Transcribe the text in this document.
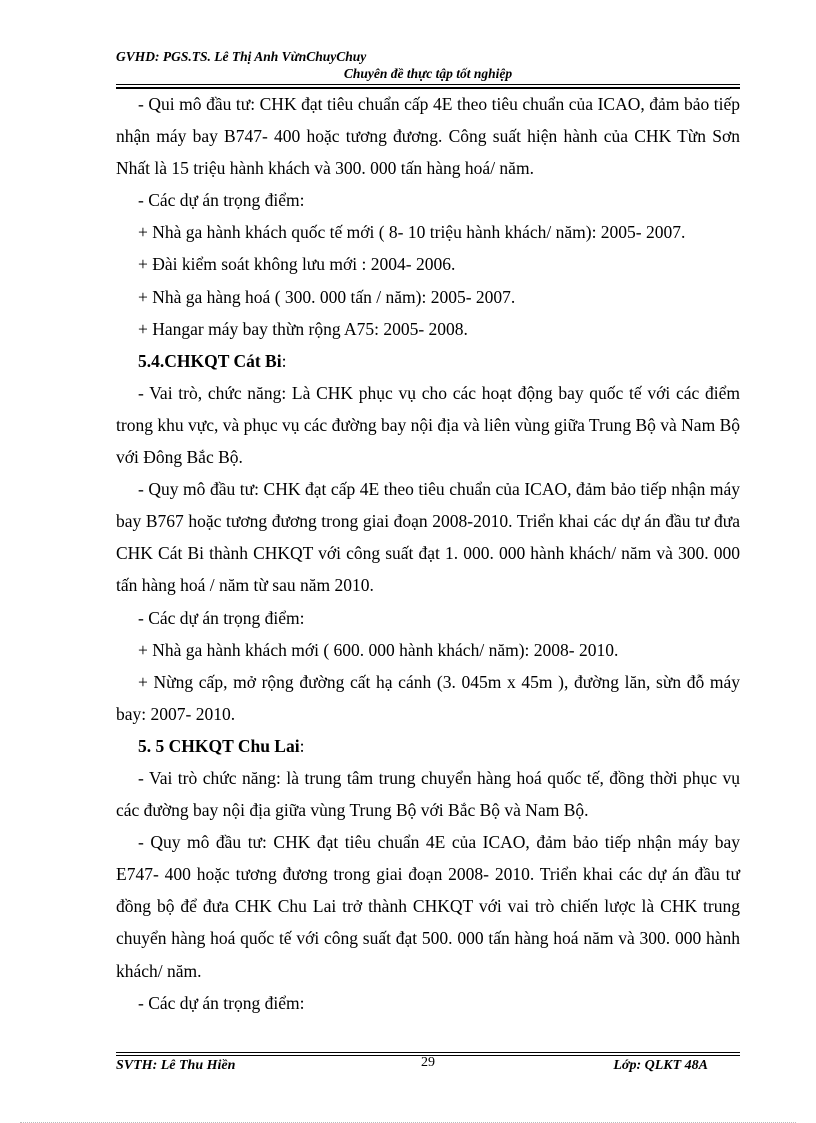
GVHD: PGS.TS. Lê Thị Anh VừnChuyChuy
Chuyên đề thực tập tốt nghiệp

- Qui mô đầu tư: CHK đạt tiêu chuẩn cấp 4E theo tiêu chuẩn của ICAO, đảm bảo tiếp nhận máy bay B747- 400 hoặc tương đương. Công suất hiện hành của CHK Từn Sơn Nhất là 15 triệu hành khách và 300. 000 tấn hàng hoá/ năm.

- Các dự án trọng điểm:

+ Nhà ga hành khách quốc tế mới ( 8- 10 triệu hành khách/ năm): 2005- 2007.

+ Đài kiểm soát không lưu mới : 2004- 2006.

+ Nhà ga hàng hoá ( 300. 000 tấn / năm): 2005- 2007.

+ Hangar máy bay thừn rộng A75: 2005- 2008.

5.4.CHKQT Cát Bi:

- Vai trò, chức năng: Là CHK phục vụ cho các hoạt động bay quốc tế với các điểm trong khu vực, và phục vụ các đường bay nội địa và liên vùng giữa Trung Bộ và Nam Bộ với Đông Bắc Bộ.

- Quy mô đầu tư: CHK đạt cấp 4E theo tiêu chuẩn của ICAO, đảm bảo tiếp nhận máy bay B767 hoặc tương đương trong giai đoạn 2008-2010. Triển khai các dự án đầu tư đưa CHK Cát Bi thành CHKQT với công suất đạt 1. 000. 000 hành khách/ năm và 300. 000 tấn hàng hoá / năm từ sau năm 2010.

- Các dự án trọng điểm:

+ Nhà ga hành khách mới ( 600. 000 hành khách/ năm): 2008- 2010.

+ Nừng cấp, mở rộng đường cất hạ cánh (3. 045m x 45m ), đường lăn, sừn đỗ máy bay: 2007- 2010.

5. 5 CHKQT Chu Lai:

- Vai trò chức năng: là trung tâm trung chuyển hàng hoá quốc tế, đồng thời phục vụ các đường bay nội địa giữa vùng Trung Bộ với Bắc Bộ và Nam Bộ.

- Quy mô đầu tư: CHK đạt tiêu chuẩn 4E của ICAO, đảm bảo tiếp nhận máy bay E747- 400 hoặc tương đương trong giai đoạn 2008- 2010. Triển khai các dự án đầu tư đồng bộ để đưa CHK Chu Lai trở thành CHKQT với vai trò chiến lược là CHK trung chuyển hàng hoá quốc tế với công suất đạt 500. 000 tấn hàng hoá năm và 300. 000 hành khách/ năm.

- Các dự án trọng điểm:

SVTH: Lê Thu Hiền	29	Lớp: QLKT 48A
